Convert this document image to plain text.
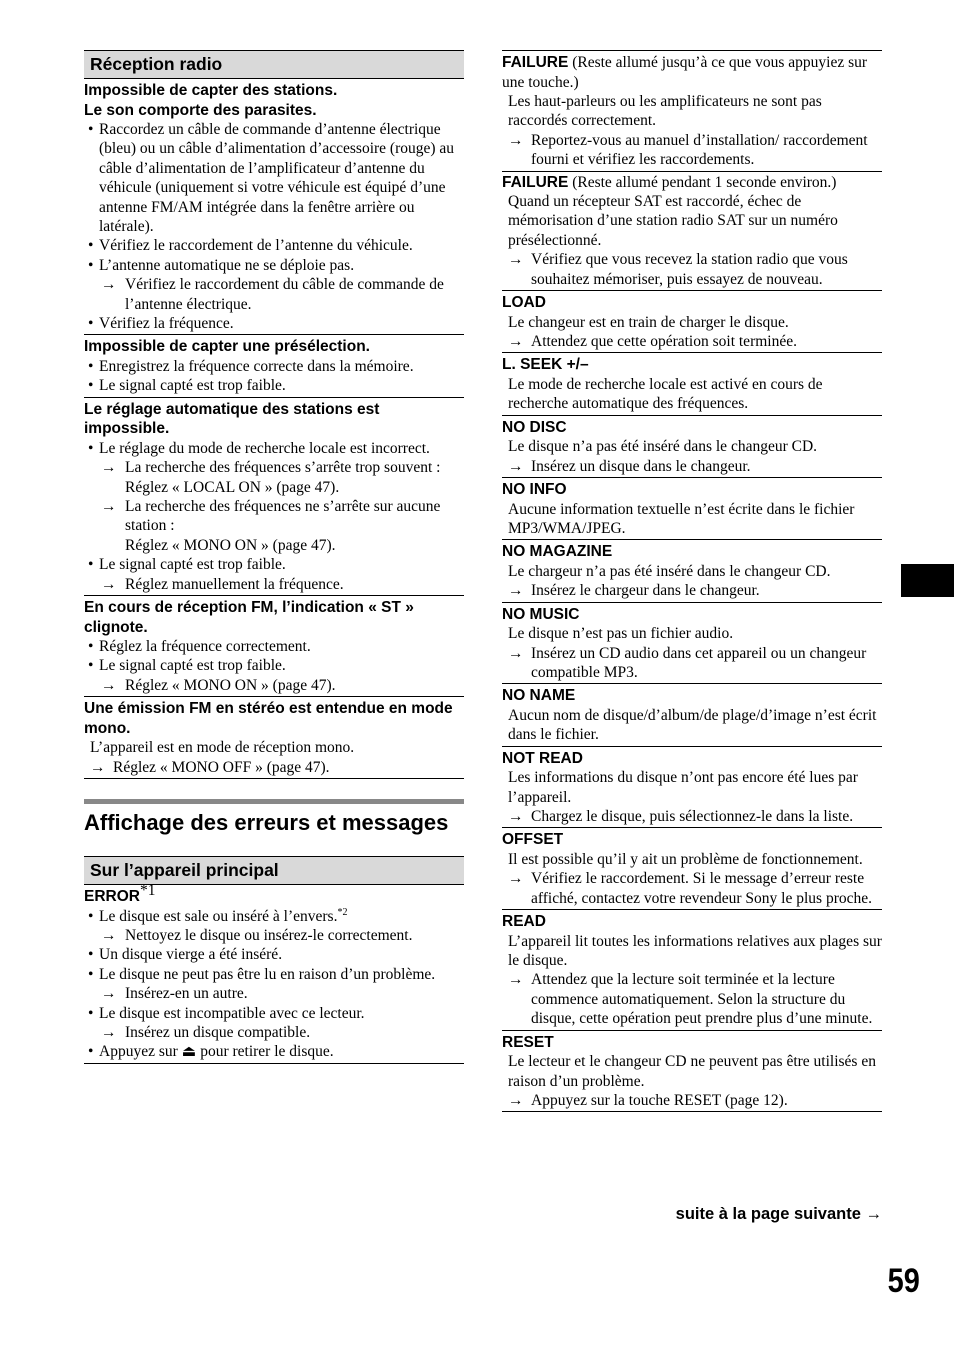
Réception radio
Impossible de capter des stations.
Le son comporte des parasites.
• Raccordez un câble de commande d’antenne électrique (bleu) ou un câble d’alimentation d’accessoire (rouge) au câble d’alimentation de l’amplificateur d’antenne du véhicule (uniquement si votre véhicule est équipé d’une antenne FM/AM intégrée dans la fenêtre arrière ou latérale).
• Vérifiez le raccordement de l’antenne du véhicule.
• L’antenne automatique ne se déploie pas.
→ Vérifiez le raccordement du câble de commande de l’antenne électrique.
• Vérifiez la fréquence.
Impossible de capter une présélection.
• Enregistrez la fréquence correcte dans la mémoire.
• Le signal capté est trop faible.
Le réglage automatique des stations est impossible.
• Le réglage du mode de recherche locale est incorrect.
→ La recherche des fréquences s’arrête trop souvent :
Réglez « LOCAL ON » (page 47).
→ La recherche des fréquences ne s’arrête sur aucune station :
Réglez « MONO ON » (page 47).
• Le signal capté est trop faible.
→ Réglez manuellement la fréquence.
En cours de réception FM, l’indication « ST » clignote.
• Réglez la fréquence correctement.
• Le signal capté est trop faible.
→ Réglez « MONO ON » (page 47).
Une émission FM en stéréo est entendue en mode mono.
L’appareil est en mode de réception mono.
→ Réglez « MONO OFF » (page 47).
Affichage des erreurs et messages
Sur l’appareil principal
ERROR$^{*1}$
• Le disque est sale ou inséré à l’envers.$^{*2}$
→ Nettoyez le disque ou insérez-le correctement.
• Un disque vierge a été inséré.
• Le disque ne peut pas être lu en raison d’un problème.
→ Insérez-en un autre.
• Le disque est incompatible avec ce lecteur.
→ Insérez un disque compatible.
• Appuyez sur ⏏ pour retirer le disque.
FAILURE (Reste allumé jusqu’à ce que vous appuyiez sur une touche.)
Les haut-parleurs ou les amplificateurs ne sont pas raccordés correctement.
→ Reportez-vous au manuel d’installation/ raccordement fourni et vérifiez les raccordements.
FAILURE (Reste allumé pendant 1 seconde environ.)
Quand un récepteur SAT est raccordé, échec de mémorisation d’une station radio SAT sur un numéro présélectionné.
→ Vérifiez que vous recevez la station radio que vous souhaitez mémoriser, puis essayez de nouveau.
LOAD
Le changeur est en train de charger le disque.
→ Attendez que cette opération soit terminée.
L. SEEK +/–
Le mode de recherche locale est activé en cours de recherche automatique des fréquences.
NO DISC
Le disque n’a pas été inséré dans le changeur CD.
→ Insérez un disque dans le changeur.
NO INFO
Aucune information textuelle n’est écrite dans le fichier MP3/WMA/JPEG.
NO MAGAZINE
Le chargeur n’a pas été inséré dans le changeur CD.
→ Insérez le chargeur dans le changeur.
NO MUSIC
Le disque n’est pas un fichier audio.
→ Insérez un CD audio dans cet appareil ou un changeur compatible MP3.
NO NAME
Aucun nom de disque/d’album/de plage/d’image n’est écrit dans le fichier.
NOT READ
Les informations du disque n’ont pas encore été lues par l’appareil.
→ Chargez le disque, puis sélectionnez-le dans la liste.
OFFSET
Il est possible qu’il y ait un problème de fonctionnement.
→ Vérifiez le raccordement. Si le message d’erreur reste affiché, contactez votre revendeur Sony le plus proche.
READ
L’appareil lit toutes les informations relatives aux plages sur le disque.
→ Attendez que la lecture soit terminée et la lecture commence automatiquement. Selon la structure du disque, cette opération peut prendre plus d’une minute.
RESET
Le lecteur et le changeur CD ne peuvent pas être utilisés en raison d’un problème.
→ Appuyez sur la touche RESET (page 12).
suite à la page suivante →
59
